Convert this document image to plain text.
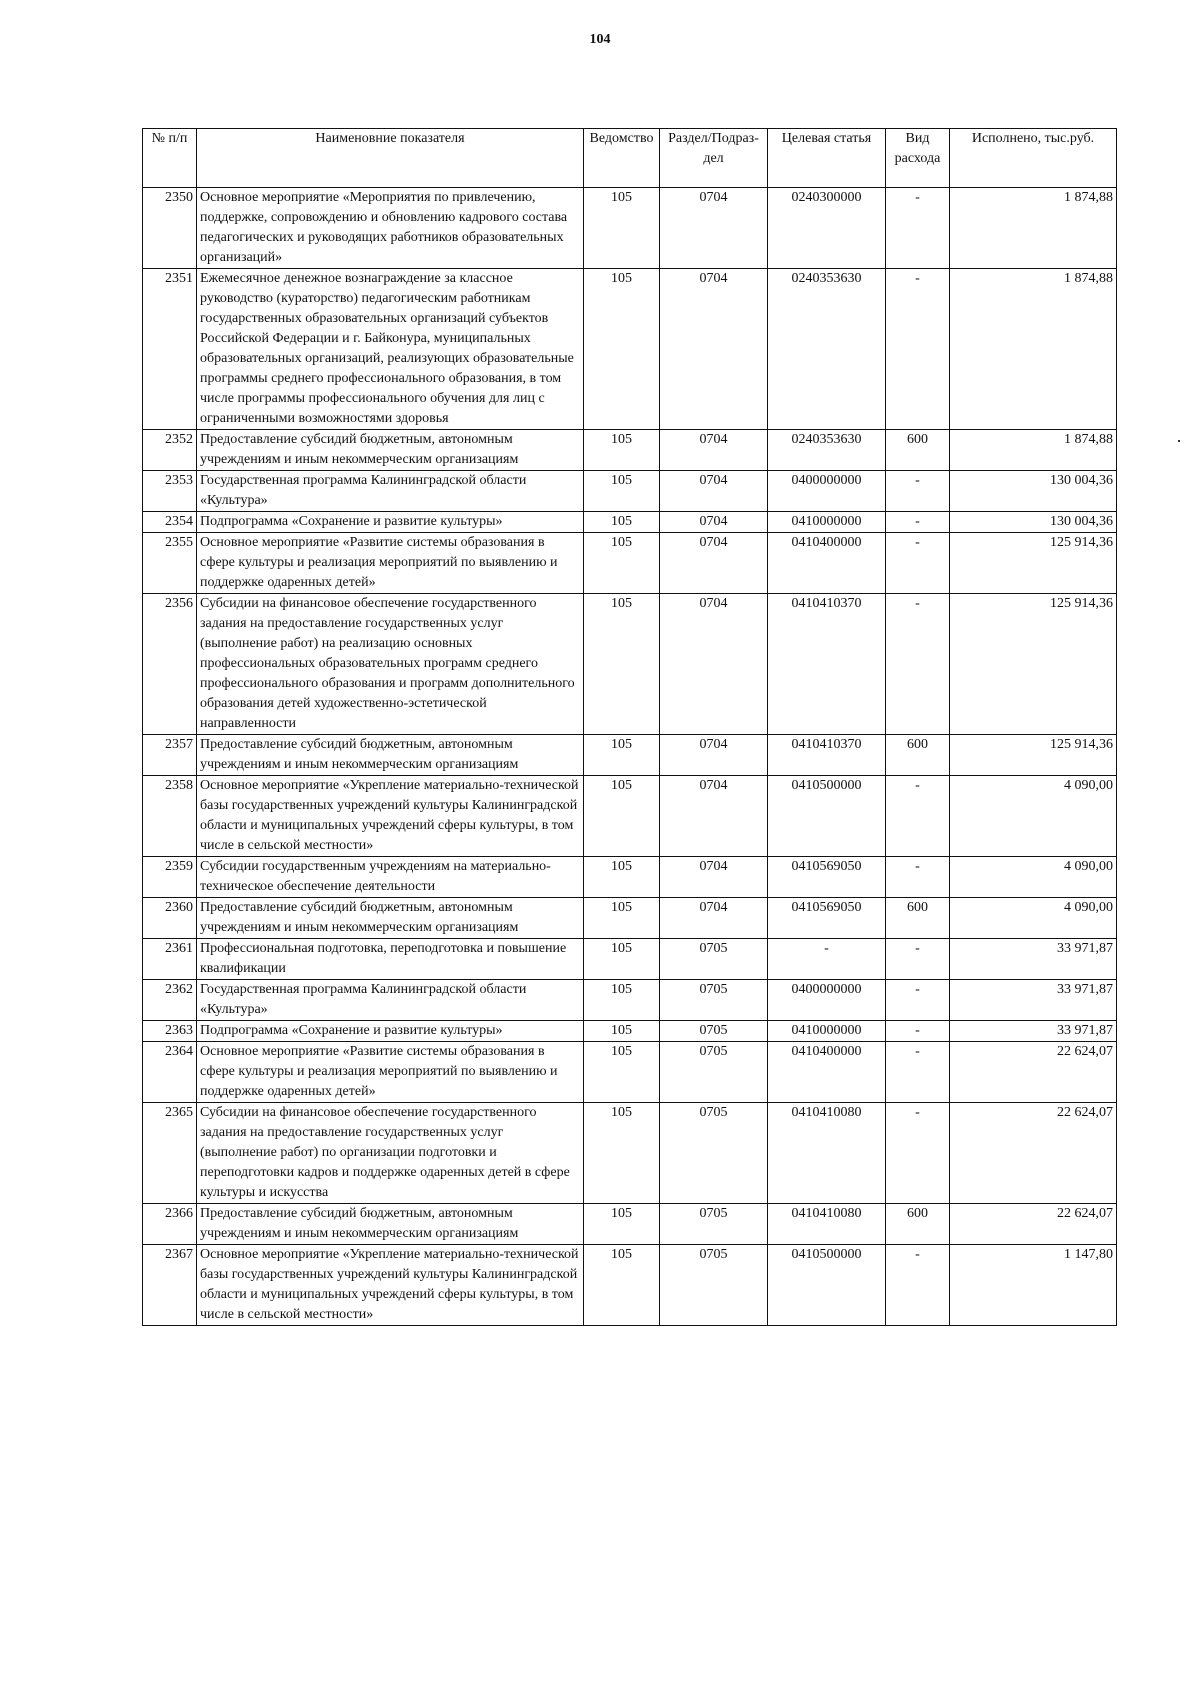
104
№ п/п	Наименовние показателя	Ведомство	Раздел/Подраз-дел	Целевая статья	Вид расхода	Исполнено, тыс.руб.
2350	Основное мероприятие «Мероприятия по привлечению, поддержке, сопровождению и обновлению кадрового состава педагогических и руководящих работников образовательных организаций»	105	0704	0240300000	-	1 874,88
2351	Ежемесячное денежное вознаграждение за классное руководство (кураторство) педагогическим работникам государственных образовательных организаций субъектов Российской Федерации и г. Байконура, муниципальных образовательных организаций, реализующих образовательные программы среднего профессионального образования, в том числе программы профессионального обучения для лиц с ограниченными возможностями здоровья	105	0704	0240353630	-	1 874,88
2352	Предоставление субсидий бюджетным, автономным учреждениям и иным некоммерческим организациям	105	0704	0240353630	600	1 874,88
2353	Государственная программа Калининградской области «Культура»	105	0704	0400000000	-	130 004,36
2354	Подпрограмма «Сохранение и развитие культуры»	105	0704	0410000000	-	130 004,36
2355	Основное мероприятие «Развитие системы образования в сфере культуры и реализация мероприятий по выявлению и поддержке одаренных детей»	105	0704	0410400000	-	125 914,36
2356	Субсидии на финансовое обеспечение государственного задания на предоставление государственных услуг (выполнение работ) на реализацию основных профессиональных образовательных программ среднего профессионального образования и программ дополнительного образования детей художественно-эстетической направленности	105	0704	0410410370	-	125 914,36
2357	Предоставление субсидий бюджетным, автономным учреждениям и иным некоммерческим организациям	105	0704	0410410370	600	125 914,36
2358	Основное мероприятие «Укрепление материально-технической базы государственных учреждений культуры Калининградской области и муниципальных учреждений сферы культуры, в том числе в сельской местности»	105	0704	0410500000	-	4 090,00
2359	Субсидии государственным учреждениям на материально-техническое обеспечение деятельности	105	0704	0410569050	-	4 090,00
2360	Предоставление субсидий бюджетным, автономным учреждениям и иным некоммерческим организациям	105	0704	0410569050	600	4 090,00
2361	Профессиональная подготовка, переподготовка и повышение квалификации	105	0705	-	-	33 971,87
2362	Государственная программа Калининградской области «Культура»	105	0705	0400000000	-	33 971,87
2363	Подпрограмма «Сохранение и развитие культуры»	105	0705	0410000000	-	33 971,87
2364	Основное мероприятие «Развитие системы образования в сфере культуры и реализация мероприятий по выявлению и поддержке одаренных детей»	105	0705	0410400000	-	22 624,07
2365	Субсидии на финансовое обеспечение государственного задания на предоставление государственных услуг (выполнение работ) по организации подготовки и переподготовки кадров и поддержке одаренных детей в сфере культуры и искусства	105	0705	0410410080	-	22 624,07
2366	Предоставление субсидий бюджетным, автономным учреждениям и иным некоммерческим организациям	105	0705	0410410080	600	22 624,07
2367	Основное мероприятие «Укрепление материально-технической базы государственных учреждений культуры Калининградской области и муниципальных учреждений сферы культуры, в том числе в сельской местности»	105	0705	0410500000	-	1 147,80
